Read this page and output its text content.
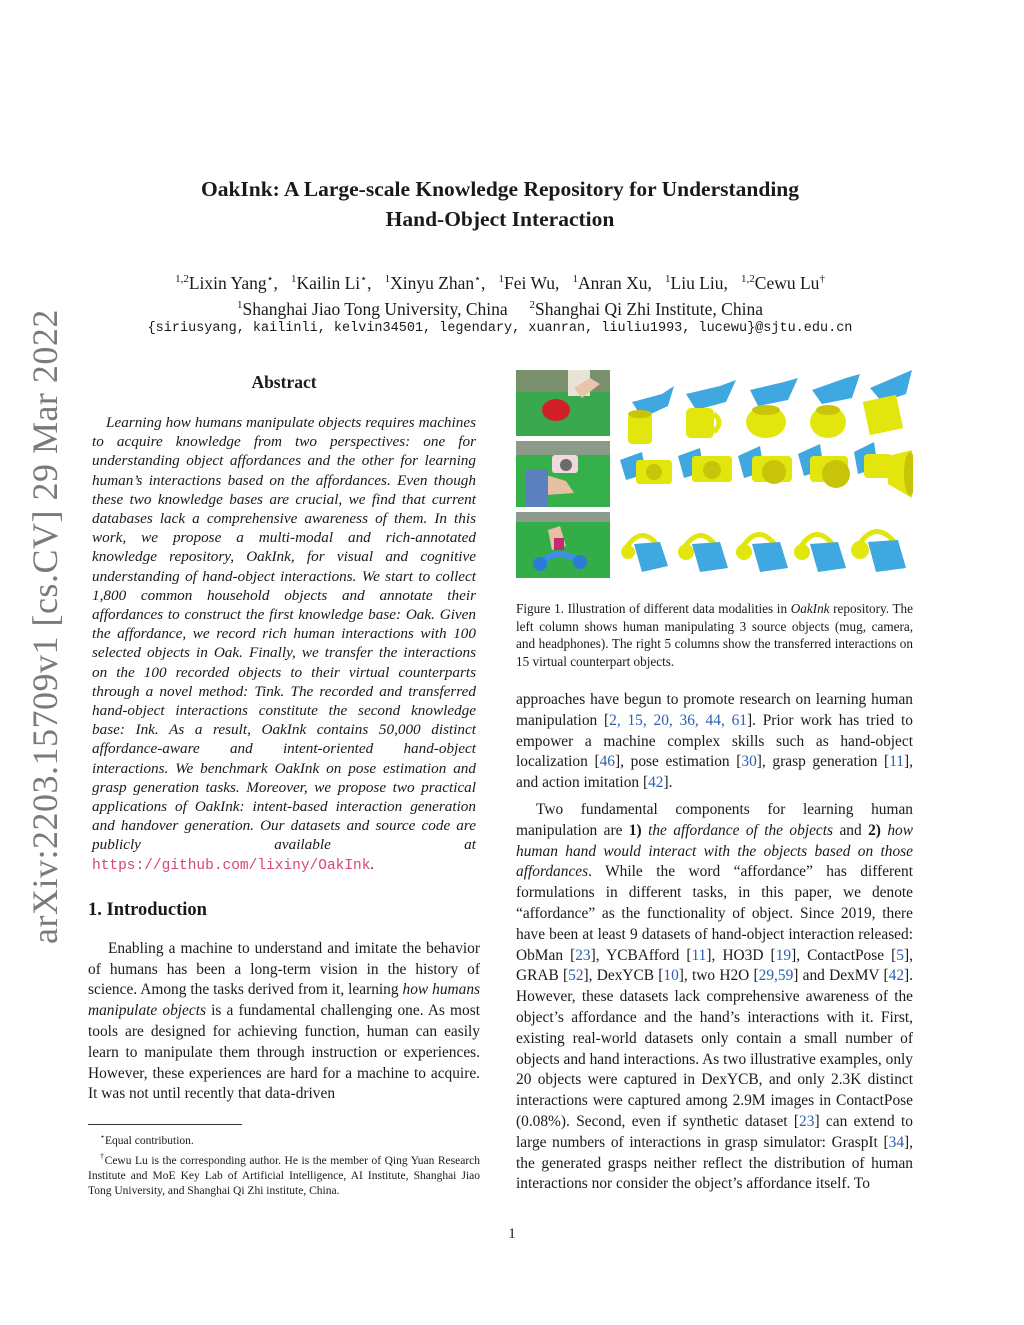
arXiv:2203.15709v1 [cs.CV] 29 Mar 2022
OakInk: A Large-scale Knowledge Repository for Understanding
Hand-Object Interaction
$^{1,2}$Lixin Yang⋆,   $^1$Kailin Li⋆,   $^1$Xinyu Zhan⋆,   $^1$Fei Wu,   $^1$Anran Xu,   $^1$Liu Liu,   $^{1,2}$Cewu Lu†
$^1$Shanghai Jiao Tong University, China $^2$Shanghai Qi Zhi Institute, China
{siriusyang, kailinli, kelvin34501, legendary, xuanran, liuliu1993, lucewu}@sjtu.edu.cn
Abstract

Learning how humans manipulate objects requires machines to acquire knowledge from two perspectives: one for understanding object affordances and the other for learning human’s interactions based on the affordances. Even though these two knowledge bases are crucial, we find that current databases lack a comprehensive awareness of them. In this work, we propose a multi-modal and rich-annotated knowledge repository, OakInk, for visual and cognitive understanding of hand-object interactions. We start to collect 1,800 common household objects and annotate their affordances to construct the first knowledge base: Oak. Given the affordance, we record rich human interactions with 100 selected objects in Oak. Finally, we transfer the interactions on the 100 recorded objects to their virtual counterparts through a novel method: Tink. The recorded and transferred hand-object interactions constitute the second knowledge base: Ink. As a result, OakInk contains 50,000 distinct affordance-aware and intent-oriented hand-object interactions. We benchmark OakInk on pose estimation and grasp generation tasks. Moreover, we propose two practical applications of OakInk: intent-based interaction generation and handover generation. Our datasets and source code are publicly available at https://github.com/lixiny/OakInk.

1. Introduction

Enabling a machine to understand and imitate the behavior of humans has been a long-term vision in the history of science. Among the tasks derived from it, learning how humans manipulate objects is a fundamental challenging one. As most tools are designed for achieving function, human can easily learn to manipulate them through instruction or experiences. However, these experiences are hard for a machine to acquire. It was not until recently that data-driven

⋆Equal contribution.

†Cewu Lu is the corresponding author. He is the member of Qing Yuan Research Institute and MoE Key Lab of Artificial Intelligence, AI Institute, Shanghai Jiao Tong University, and Shanghai Qi Zhi institute, China.

Figure 1. Illustration of different data modalities in OakInk repository. The left column shows human manipulating 3 source objects (mug, camera, and headphones). The right 5 columns show the transferred interactions on 15 virtual counterpart objects.

approaches have begun to promote research on learning human manipulation [2, 15, 20, 36, 44, 61]. Prior work has tried to empower a machine complex skills such as hand-object localization [46], pose estimation [30], grasp generation [11], and action imitation [42].

Two fundamental components for learning human manipulation are 1) the affordance of the objects and 2) how human hand would interact with the objects based on those affordances. While the word “affordance” has different formulations in different tasks, in this paper, we denote “affordance” as the functionality of object. Since 2019, there have been at least 9 datasets of hand-object interaction released: ObMan [23], YCBAfford [11], HO3D [19], ContactPose [5], GRAB [52], DexYCB [10], two H2O [29,59] and DexMV [42]. However, these datasets lack comprehensive awareness of the object’s affordance and the hand’s interactions with it. First, existing real-world datasets only contain a small number of objects and hand interactions. As two illustrative examples, only 20 objects were captured in DexYCB, and only 2.3K distinct interactions were captured among 2.9M images in ContactPose (0.08%). Second, even if synthetic dataset [23] can extend to large numbers of interactions in grasp simulator: GraspIt [34], the generated grasps neither reflect the distribution of human interactions nor consider the object’s affordance itself. To

1
